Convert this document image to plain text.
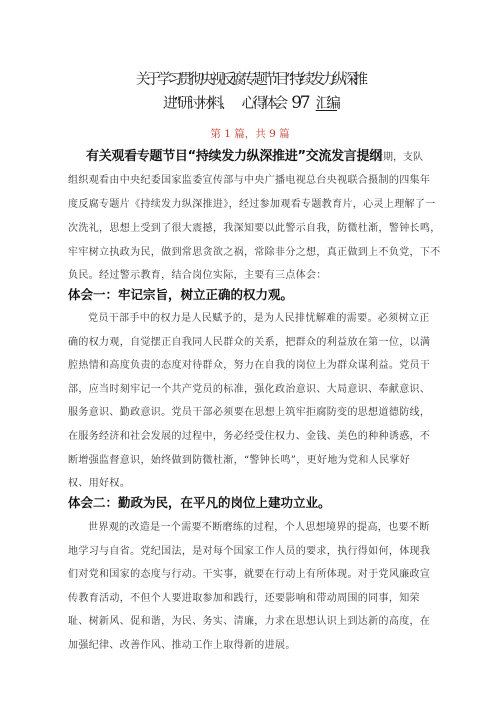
关于学习贯彻央视反腐专题节目“持续发力纵深推
进”研讨材料、 心得体会 9 7 汇编
第 1 篇，共 9 篇
有关观看专题节目“持续发力纵深推进”交流发言提纲
近期，支队
组织观看由中央纪委国家监委宣传部与中央广播电视总台央视联合摄制的四集年
度反腐专题片《持续发力纵深推进》，经过参加观看专题教育片，心灵上理解了一
次洗礼，思想上受到了很大震撼，我深知要以此警示自我，防微杜渐，警钟长鸣，
牢牢树立执政为民，做到常思贪欲之祸，常除非分之想，真正做到上不负党，下不
负民。经过警示教育，结合岗位实际，主要有三点体会：
体会一：牢记宗旨，树立正确的权力观。
党员干部手中的权力是人民赋予的，是为人民排忧解难的需要。必须树立正
确的权力观，自觉摆正自我同人民群众的关系，把群众的利益放在第一位，以满
腔热情和高度负责的态度对待群众，努力在自我的岗位上为群众谋利益。党员干
部，应当时刻牢记一个共产党员的标准，强化政治意识、大局意识、奉献意识、
服务意识、勤政意识。党员干部必须要在思想上筑牢拒腐防变的思想道德防线，
在服务经济和社会发展的过程中，务必经受住权力、金钱、美色的种种诱惑，不
断增强监督意识，始终做到防微杜渐，“警钟长鸣”，更好地为党和人民掌好
权、用好权。
体会二：勤政为民，在平凡的岗位上建功立业。
世界观的改造是一个需要不断磨练的过程，个人思想境界的提高，也要不断
地学习与自省。党纪国法，是对每个国家工作人员的要求，执行得如何，体现我
们对党和国家的态度与行动。干实事，就要在行动上有所体现。对于党风廉政宣
传教育活动，不但个人要进取参加和践行，还要影响和带动周围的同事，知荣
耻、树新风、促和谐，为民、务实、清廉，力求在思想认识上到达新的高度，在
加强纪律、改善作风、推动工作上取得新的进展。
